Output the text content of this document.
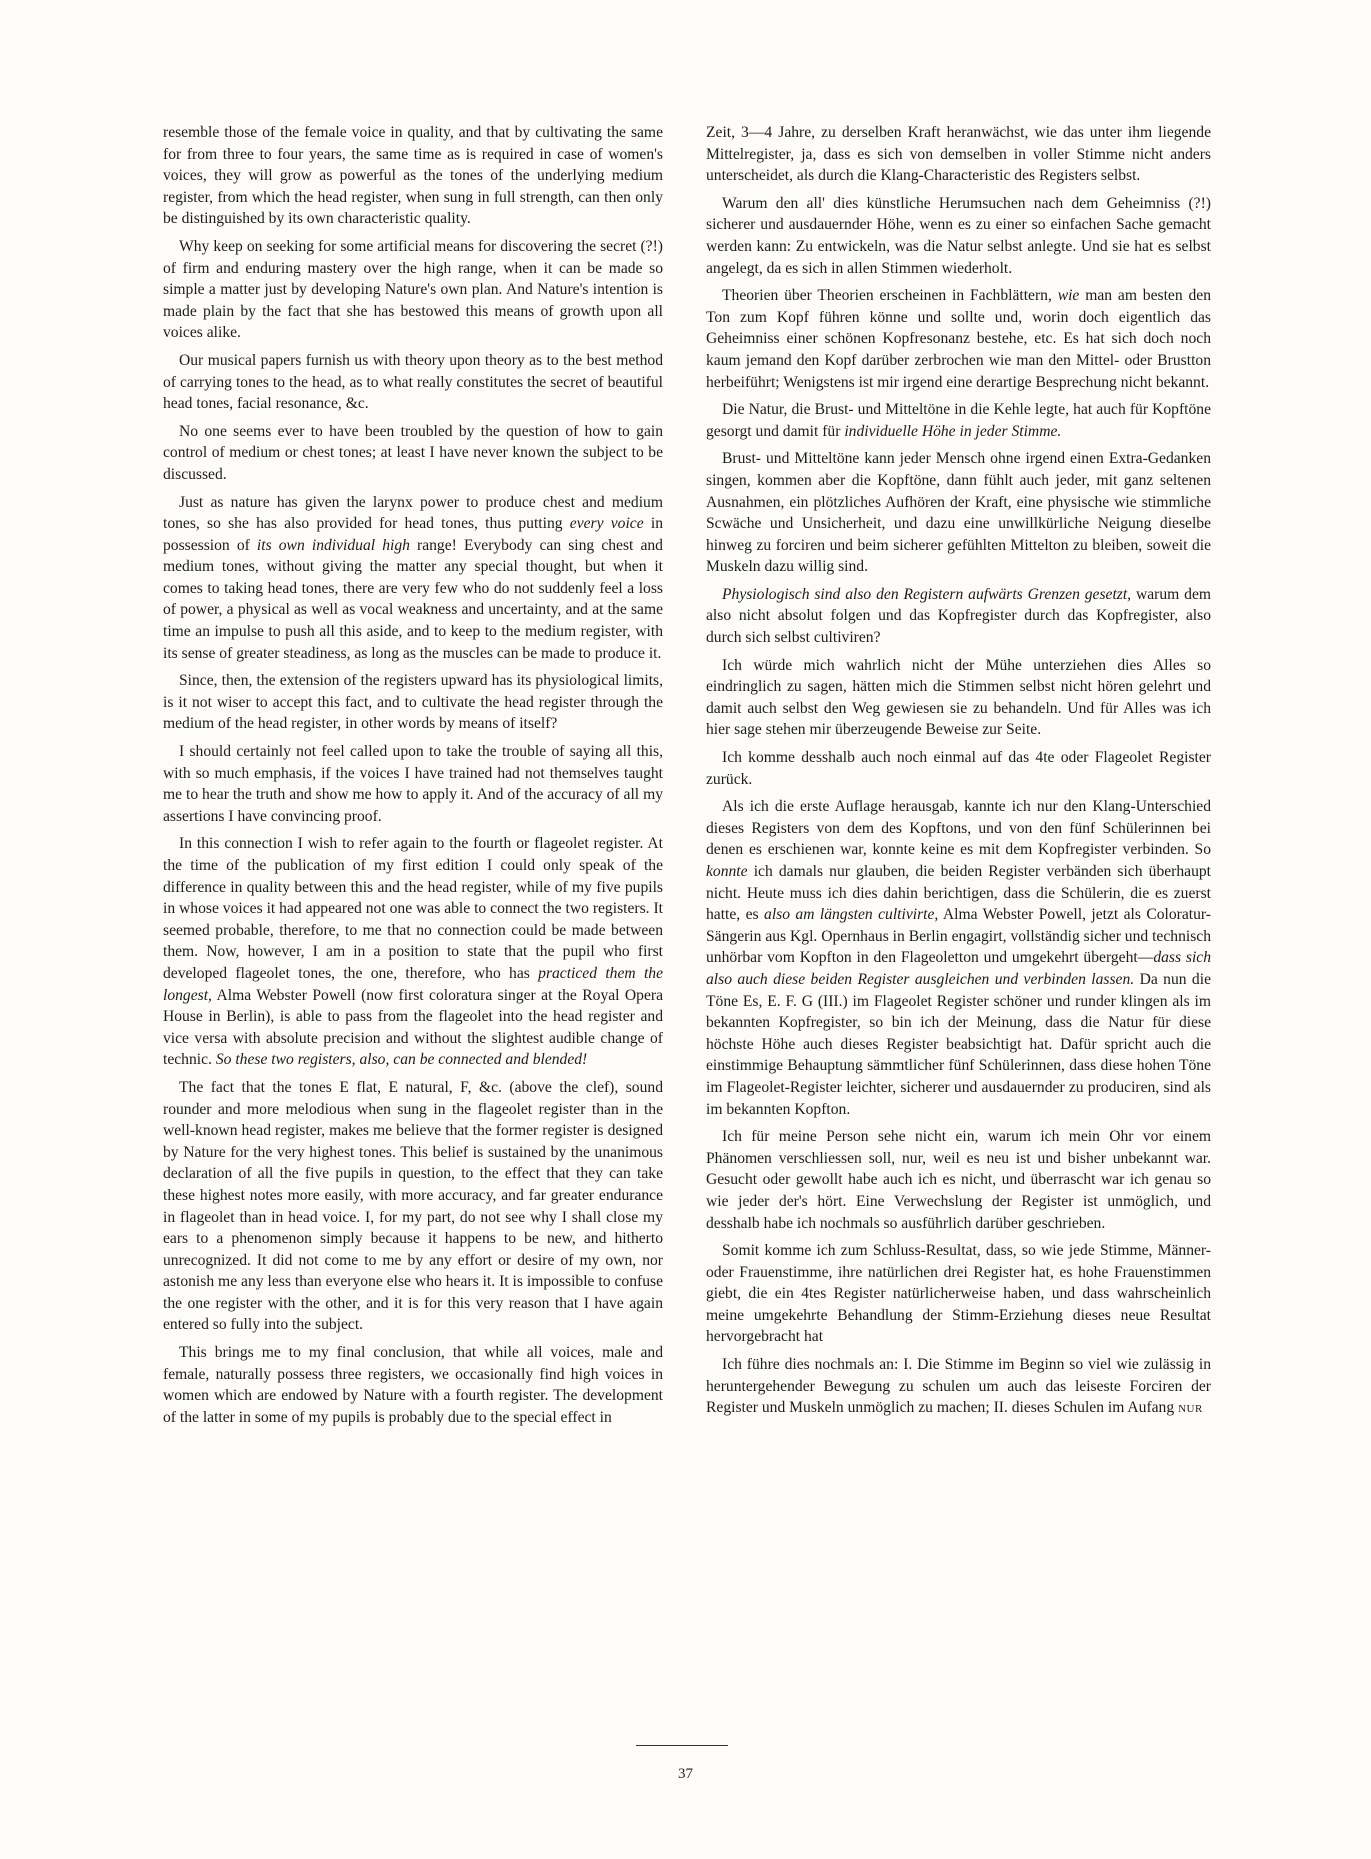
resemble those of the female voice in quality, and that by cultivating the same for from three to four years, the same time as is required in case of women's voices, they will grow as powerful as the tones of the underlying medium register, from which the head register, when sung in full strength, can then only be distinguished by its own characteristic quality.

Why keep on seeking for some artificial means for discovering the secret (?!) of firm and enduring mastery over the high range, when it can be made so simple a matter just by developing Nature's own plan. And Nature's intention is made plain by the fact that she has bestowed this means of growth upon all voices alike.

Our musical papers furnish us with theory upon theory as to the best method of carrying tones to the head, as to what really constitutes the secret of beautiful head tones, facial resonance, &c.

No one seems ever to have been troubled by the question of how to gain control of medium or chest tones; at least I have never known the subject to be discussed.

Just as nature has given the larynx power to produce chest and medium tones, so she has also provided for head tones, thus putting every voice in possession of its own individual high range! Everybody can sing chest and medium tones, without giving the matter any special thought, but when it comes to taking head tones, there are very few who do not suddenly feel a loss of power, a physical as well as vocal weakness and uncertainty, and at the same time an impulse to push all this aside, and to keep to the medium register, with its sense of greater steadiness, as long as the muscles can be made to produce it.

Since, then, the extension of the registers upward has its physiological limits, is it not wiser to accept this fact, and to cultivate the head register through the medium of the head register, in other words by means of itself?

I should certainly not feel called upon to take the trouble of saying all this, with so much emphasis, if the voices I have trained had not themselves taught me to hear the truth and show me how to apply it. And of the accuracy of all my assertions I have convincing proof.

In this connection I wish to refer again to the fourth or flageolet register. At the time of the publication of my first edition I could only speak of the difference in quality between this and the head register, while of my five pupils in whose voices it had appeared not one was able to connect the two registers. It seemed probable, therefore, to me that no connection could be made between them. Now, however, I am in a position to state that the pupil who first developed flageolet tones, the one, therefore, who has practiced them the longest, Alma Webster Powell (now first coloratura singer at the Royal Opera House in Berlin), is able to pass from the flageolet into the head register and vice versa with absolute precision and without the slightest audible change of technic. So these two registers, also, can be connected and blended!

The fact that the tones E flat, E natural, F, &c. (above the clef), sound rounder and more melodious when sung in the flageolet register than in the well-known head register, makes me believe that the former register is designed by Nature for the very highest tones. This belief is sustained by the unanimous declaration of all the five pupils in question, to the effect that they can take these highest notes more easily, with more accuracy, and far greater endurance in flageolet than in head voice. I, for my part, do not see why I shall close my ears to a phenomenon simply because it happens to be new, and hitherto unrecognized. It did not come to me by any effort or desire of my own, nor astonish me any less than everyone else who hears it. It is impossible to confuse the one register with the other, and it is for this very reason that I have again entered so fully into the subject.

This brings me to my final conclusion, that while all voices, male and female, naturally possess three registers, we occasionally find high voices in women which are endowed by Nature with a fourth register. The development of the latter in some of my pupils is probably due to the special effect in

Zeit, 3—4 Jahre, zu derselben Kraft heranwächst, wie das unter ihm liegende Mittelregister, ja, dass es sich von demselben in voller Stimme nicht anders unterscheidet, als durch die Klang-Characteristic des Registers selbst.

Warum den all' dies künstliche Herumsuchen nach dem Geheimniss (?!) sicherer und ausdauernder Höhe, wenn es zu einer so einfachen Sache gemacht werden kann: Zu entwickeln, was die Natur selbst anlegte. Und sie hat es selbst angelegt, da es sich in allen Stimmen wiederholt.

Theorien über Theorien erscheinen in Fachblättern, wie man am besten den Ton zum Kopf führen könne und sollte und, worin doch eigentlich das Geheimniss einer schönen Kopfresonanz bestehe, etc. Es hat sich doch noch kaum jemand den Kopf darüber zerbrochen wie man den Mittel- oder Brustton herbeiführt; Wenigstens ist mir irgend eine derartige Besprechung nicht bekannt.

Die Natur, die Brust- und Mitteltöne in die Kehle legte, hat auch für Kopftöne gesorgt und damit für individuelle Höhe in jeder Stimme.

Brust- und Mitteltöne kann jeder Mensch ohne irgend einen Extra-Gedanken singen, kommen aber die Kopftöne, dann fühlt auch jeder, mit ganz seltenen Ausnahmen, ein plötzliches Aufhören der Kraft, eine physische wie stimmliche Scwäche und Unsicherheit, und dazu eine unwillkürliche Neigung dieselbe hinweg zu forciren und beim sicherer gefühlten Mittelton zu bleiben, soweit die Muskeln dazu willig sind.

Physiologisch sind also den Registern aufwärts Grenzen gesetzt, warum dem also nicht absolut folgen und das Kopfregister durch das Kopfregister, also durch sich selbst cultiviren?

Ich würde mich wahrlich nicht der Mühe unterziehen dies Alles so eindringlich zu sagen, hätten mich die Stimmen selbst nicht hören gelehrt und damit auch selbst den Weg gewiesen sie zu behandeln. Und für Alles was ich hier sage stehen mir überzeugende Beweise zur Seite.

Ich komme desshalb auch noch einmal auf das 4te oder Flageolet Register zurück.

Als ich die erste Auflage herausgab, kannte ich nur den Klang-Unterschied dieses Registers von dem des Kopftons, und von den fünf Schülerinnen bei denen es erschienen war, konnte keine es mit dem Kopfregister verbinden. So konnte ich damals nur glauben, die beiden Register verbänden sich überhaupt nicht. Heute muss ich dies dahin berichtigen, dass die Schülerin, die es zuerst hatte, es also am längsten cultivirte, Alma Webster Powell, jetzt als Coloratur-Sängerin aus Kgl. Opernhaus in Berlin engagirt, vollständig sicher und technisch unhörbar vom Kopfton in den Flageoletton und umgekehrt übergeht—dass sich also auch diese beiden Register ausgleichen und verbinden lassen. Da nun die Töne Es, E. F. G (III.) im Flageolet Register schöner und runder klingen als im bekannten Kopfregister, so bin ich der Meinung, dass die Natur für diese höchste Höhe auch dieses Register beabsichtigt hat. Dafür spricht auch die einstimmige Behauptung sämmtlicher fünf Schülerinnen, dass diese hohen Töne im Flageolet-Register leichter, sicherer und ausdauernder zu produciren, sind als im bekannten Kopfton.

Ich für meine Person sehe nicht ein, warum ich mein Ohr vor einem Phänomen verschliessen soll, nur, weil es neu ist und bisher unbekannt war. Gesucht oder gewollt habe auch ich es nicht, und überrascht war ich genau so wie jeder der's hört. Eine Verwechslung der Register ist unmöglich, und desshalb habe ich nochmals so ausführlich darüber geschrieben.

Somit komme ich zum Schluss-Resultat, dass, so wie jede Stimme, Männer- oder Frauenstimme, ihre natürlichen drei Register hat, es hohe Frauenstimmen giebt, die ein 4tes Register natürlicherweise haben, und dass wahrscheinlich meine umgekehrte Behandlung der Stimm-Erziehung dieses neue Resultat hervorgebracht hat

Ich führe dies nochmals an: I. Die Stimme im Beginn so viel wie zulässig in heruntergehender Bewegung zu schulen um auch das leiseste Forciren der Register und Muskeln unmöglich zu machen; II. dieses Schulen im Aufang nur

37
